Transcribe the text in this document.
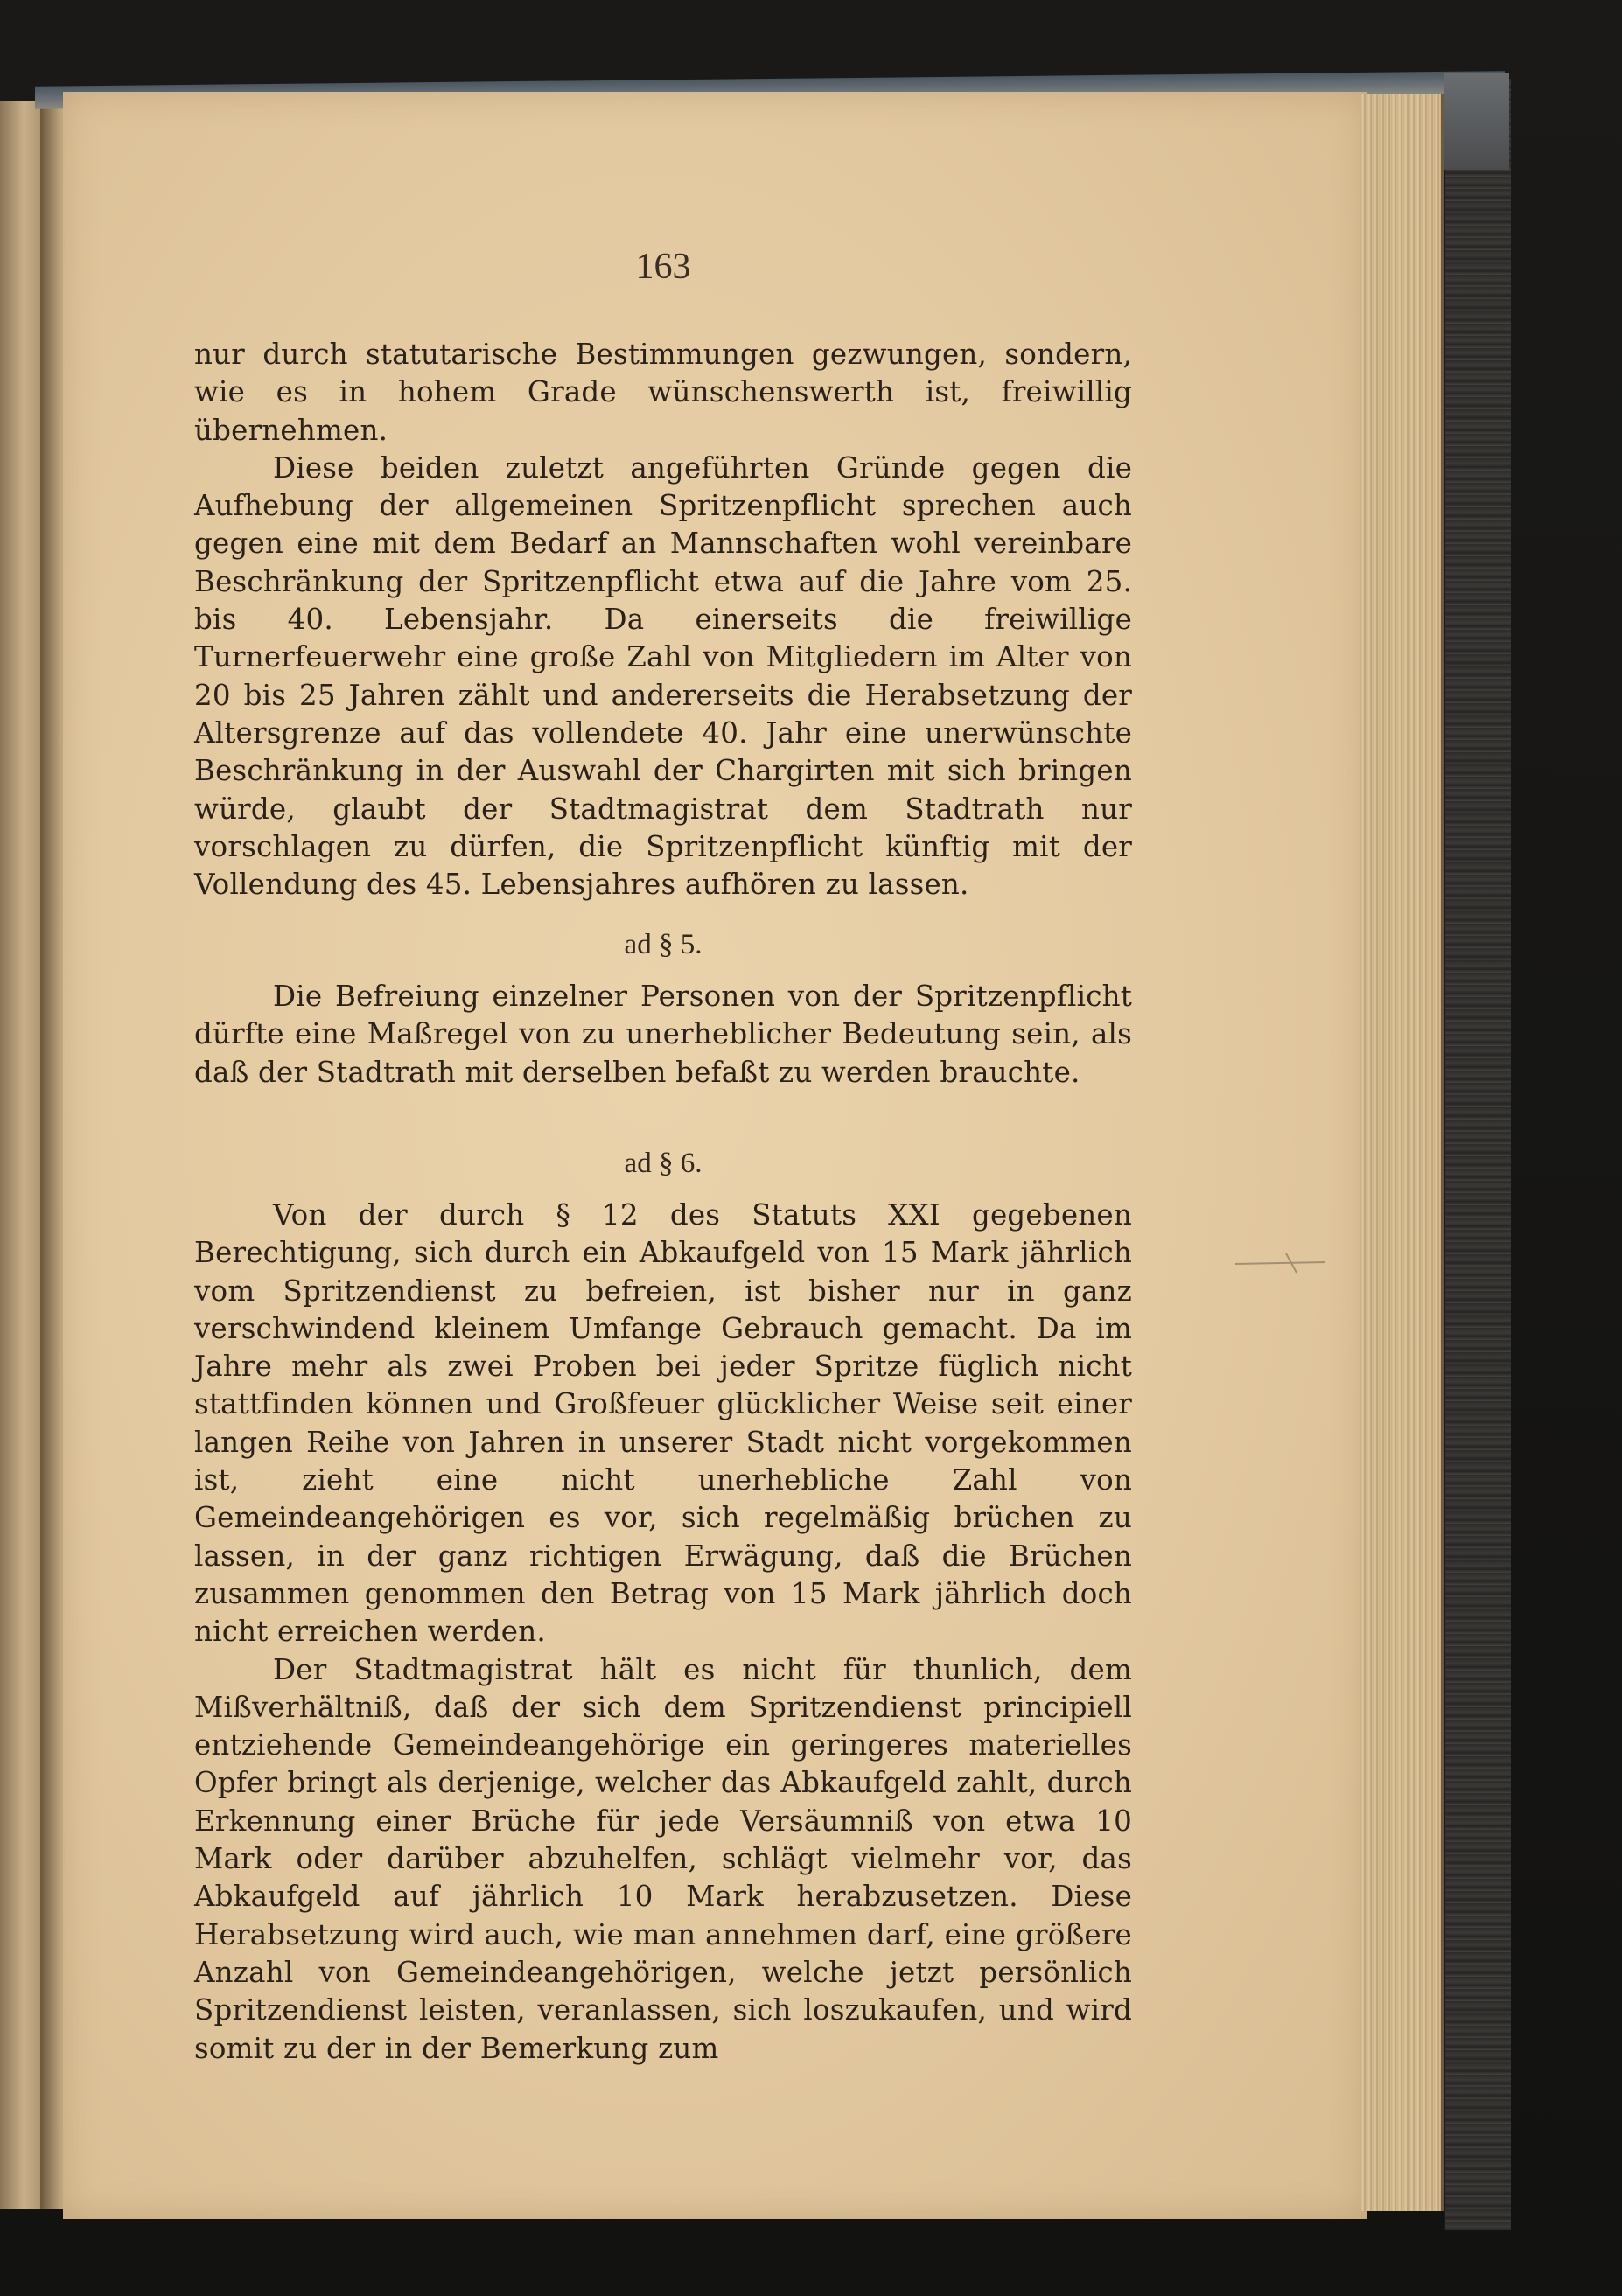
163

nur durch statutarische Bestimmungen gezwungen, sondern, wie es in hohem Grade wünschenswerth ist, freiwillig übernehmen.

Diese beiden zuletzt angeführten Gründe gegen die Aufhebung der allgemeinen Spritzenpflicht sprechen auch gegen eine mit dem Bedarf an Mannschaften wohl vereinbare Beschränkung der Spritzenpflicht etwa auf die Jahre vom 25. bis 40. Lebensjahr. Da einerseits die freiwillige Turnerfeuerwehr eine große Zahl von Mitgliedern im Alter von 20 bis 25 Jahren zählt und andererseits die Herabsetzung der Altersgrenze auf das vollendete 40. Jahr eine unerwünschte Beschränkung in der Auswahl der Chargirten mit sich bringen würde, glaubt der Stadtmagistrat dem Stadtrath nur vorschlagen zu dürfen, die Spritzenpflicht künftig mit der Vollendung des 45. Lebensjahres aufhören zu lassen.

ad § 5.

Die Befreiung einzelner Personen von der Spritzenpflicht dürfte eine Maßregel von zu unerheblicher Bedeutung sein, als daß der Stadtrath mit derselben befaßt zu werden brauchte.

ad § 6.

Von der durch § 12 des Statuts XXI gegebenen Berechtigung, sich durch ein Abkaufgeld von 15 Mark jährlich vom Spritzendienst zu befreien, ist bisher nur in ganz verschwindend kleinem Umfange Gebrauch gemacht. Da im Jahre mehr als zwei Proben bei jeder Spritze füglich nicht stattfinden können und Großfeuer glücklicher Weise seit einer langen Reihe von Jahren in unserer Stadt nicht vorgekommen ist, zieht eine nicht unerhebliche Zahl von Gemeindeangehörigen es vor, sich regelmäßig brüchen zu lassen, in der ganz richtigen Erwägung, daß die Brüchen zusammen genommen den Betrag von 15 Mark jährlich doch nicht erreichen werden.

Der Stadtmagistrat hält es nicht für thunlich, dem Mißverhältniß, daß der sich dem Spritzendienst principiell entziehende Gemeindeangehörige ein geringeres materielles Opfer bringt als derjenige, welcher das Abkaufgeld zahlt, durch Erkennung einer Brüche für jede Versäumniß von etwa 10 Mark oder darüber abzuhelfen, schlägt vielmehr vor, das Abkaufgeld auf jährlich 10 Mark herabzusetzen. Diese Herabsetzung wird auch, wie man annehmen darf, eine größere Anzahl von Gemeindeangehörigen, welche jetzt persönlich Spritzendienst leisten, veranlassen, sich loszukaufen, und wird somit zu der in der Bemerkung zum
